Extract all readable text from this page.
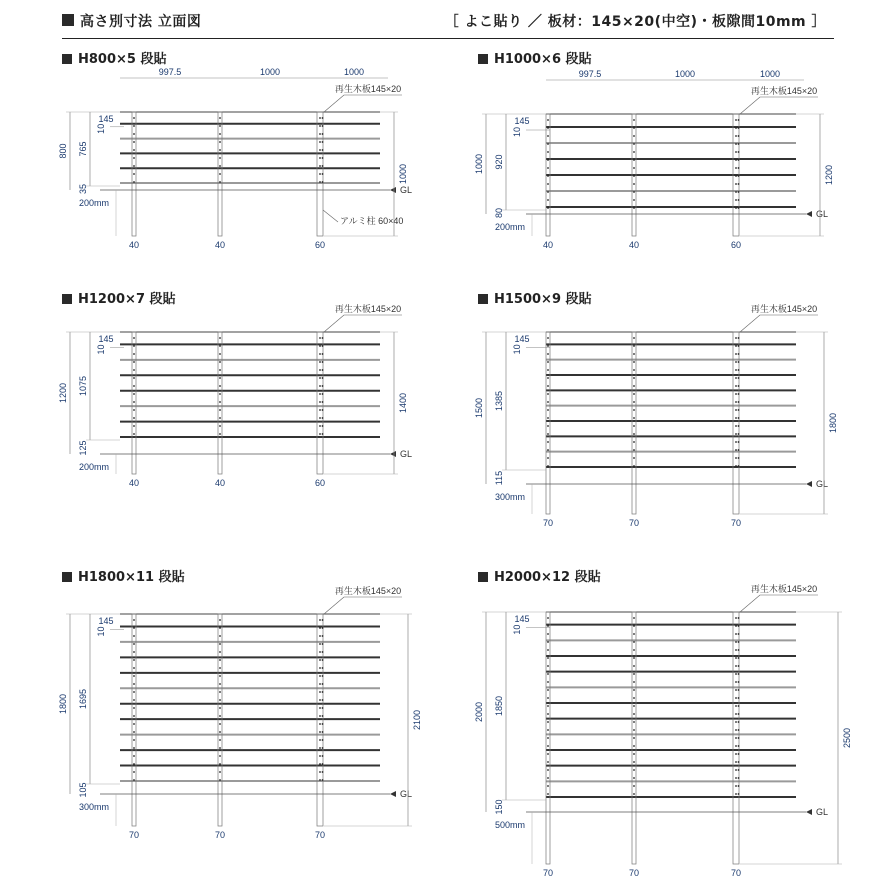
高さ別寸法 立面図	［ よこ貼り ／ 板材：145×20(中空)・板隙間10mm ］
H800×5 段貼
GL
1000
800 765
35
145
10
200mm
40	40	60
再生木板145×20
997.5	1000	1000
アルミ柱 60×40
H1000×6 段貼
GL
1200
1000 920
80
145
10
200mm
40	40	60
再生木板145×20
997.5	1000	1000
H1200×7 段貼
GL
1400
1200 1075
125
145
10
200mm
40	40	60
再生木板145×20
H1500×9 段貼
GL
1800
1500 1385
115
145
10
300mm
70	70	70
再生木板145×20
H1800×11 段貼
GL
2100
1800 1695
105
145
10
300mm
70	70	70
再生木板145×20
H2000×12 段貼
GL
2500
2000 1850
150
145
10
500mm
70	70	70
再生木板145×20
